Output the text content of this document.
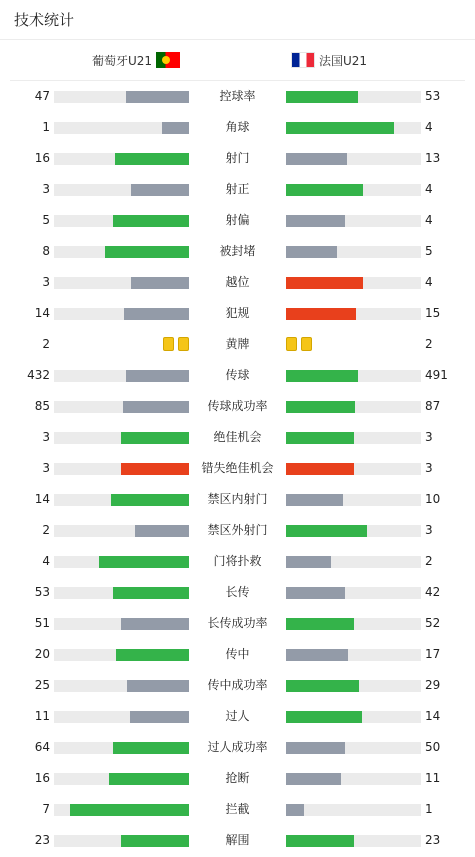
技术统计
葡萄牙U21	法国U21
47	控球率	53
1	角球	4
16	射门	13
3	射正	4
5	射偏	4
8	被封堵	5
3	越位	4
14	犯规	15
2	黄牌	2
432	传球	491
85	传球成功率	87
3	绝佳机会	3
3	错失绝佳机会	3
14	禁区内射门	10
2	禁区外射门	3
4	门将扑救	2
53	长传	42
51	长传成功率	52
20	传中	17
25	传中成功率	29
11	过人	14
64	过人成功率	50
16	抢断	11
7	拦截	1
23	解围	23
